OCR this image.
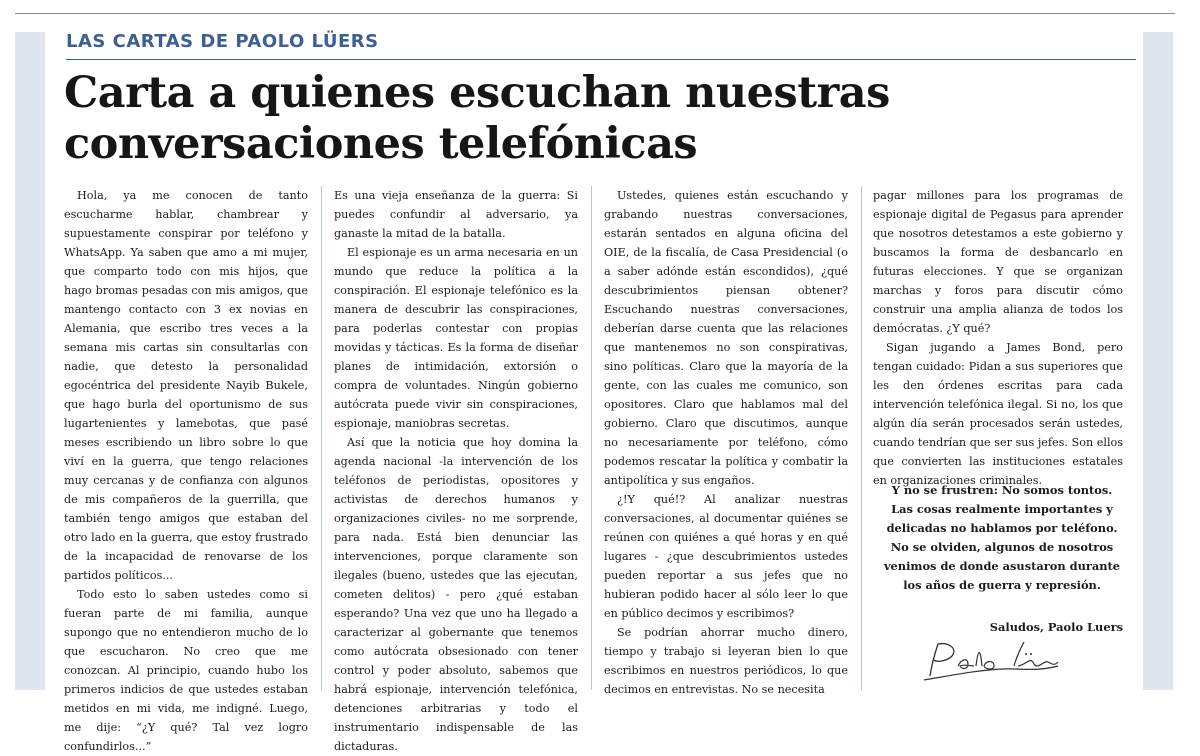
LAS CARTAS DE PAOLO LÜERS
Carta a quienes escuchan nuestras conversaciones telefónicas

Hola, ya me conocen de tanto escucharme hablar, chambrear y supuestamente conspirar por teléfono y WhatsApp. Ya saben que amo a mi mujer, que comparto todo con mis hijos, que hago bromas pesadas con mis amigos, que mantengo contacto con 3 ex novias en Alemania, que escribo tres veces a la semana mis cartas sin consultarlas con nadie, que detesto la personalidad egocéntrica del presidente Nayib Bukele, que hago burla del oportunismo de sus lugartenientes y lamebotas, que pasé meses escribiendo un libro sobre lo que viví en la guerra, que tengo relaciones muy cercanas y de confianza con algunos de mis compañeros de la guerrilla, que también tengo amigos que estaban del otro lado en la guerra, que estoy frustrado de la incapacidad de renovarse de los partidos políticos...

Todo esto lo saben ustedes como si fueran parte de mi familia, aunque supongo que no entendieron mucho de lo que escucharon. No creo que me conozcan. Al principio, cuando hubo los primeros indicios de que ustedes estaban metidos en mi vida, me indigné. Luego, me dije: “¿Y qué? Tal vez logro confundirlos...”

Es una vieja enseñanza de la guerra: Si puedes confundir al adversario, ya ganaste la mitad de la batalla.

El espionaje es un arma necesaria en un mundo que reduce la política a la conspiración. El espionaje telefónico es la manera de descubrir las conspiraciones, para poderlas contestar con propias movidas y tácticas. Es la forma de diseñar planes de intimidación, extorsión o compra de voluntades. Ningún gobierno autócrata puede vivir sin conspiraciones, espionaje, maniobras secretas.

Así que la noticia que hoy domina la agenda nacional -la intervención de los teléfonos de periodistas, opositores y activistas de derechos humanos y organizaciones civiles- no me sorprende, para nada. Está bien denunciar las intervenciones, porque claramente son ilegales (bueno, ustedes que las ejecutan, cometen delitos) - pero ¿qué estaban esperando? Una vez que uno ha llegado a caracterizar al gobernante que tenemos como autócrata obsesionado con tener control y poder absoluto, sabemos que habrá espionaje, intervención telefónica, detenciones arbitrarias y todo el instrumentario indispensable de las dictaduras.

Ustedes, quienes están escuchando y grabando nuestras conversaciones, estarán sentados en alguna oficina del OIE, de la fiscalía, de Casa Presidencial (o a saber adónde están escondidos), ¿qué descubrimientos piensan obtener? Escuchando nuestras conversaciones, deberían darse cuenta que las relaciones que mantenemos no son conspirativas, sino políticas. Claro que la mayoría de la gente, con las cuales me comunico, son opositores. Claro que hablamos mal del gobierno. Claro que discutimos, aunque no necesariamente por teléfono, cómo podemos rescatar la política y combatir la antipolítica y sus engaños.

¿!Y qué!? Al analizar nuestras conversaciones, al documentar quiénes se reúnen con quiénes a qué horas y en qué lugares - ¿que descubrimientos ustedes pueden reportar a sus jefes que no hubieran podido hacer al sólo leer lo que en público decimos y escribimos?

Se podrían ahorrar mucho dinero, tiempo y trabajo si leyeran bien lo que escribimos en nuestros periódicos, lo que decimos en entrevistas. No se necesita

pagar millones para los programas de espionaje digital de Pegasus para aprender que nosotros detestamos a este gobierno y buscamos la forma de desbancarlo en futuras elecciones. Y que se organizan marchas y foros para discutir cómo construir una amplia alianza de todos los demócratas. ¿Y qué?

Sigan jugando a James Bond, pero tengan cuidado: Pidan a sus superiores que les den órdenes escritas para cada intervención telefónica ilegal. Si no, los que algún día serán procesados serán ustedes, cuando tendrían que ser sus jefes. Son ellos que convierten las instituciones estatales en organizaciones criminales.

Y no se frustren: No somos tontos. Las cosas realmente importantes y delicadas no hablamos por teléfono. No se olviden, algunos de nosotros venimos de donde asustaron durante los años de guerra y represión.

Saludos, Paolo Luers
